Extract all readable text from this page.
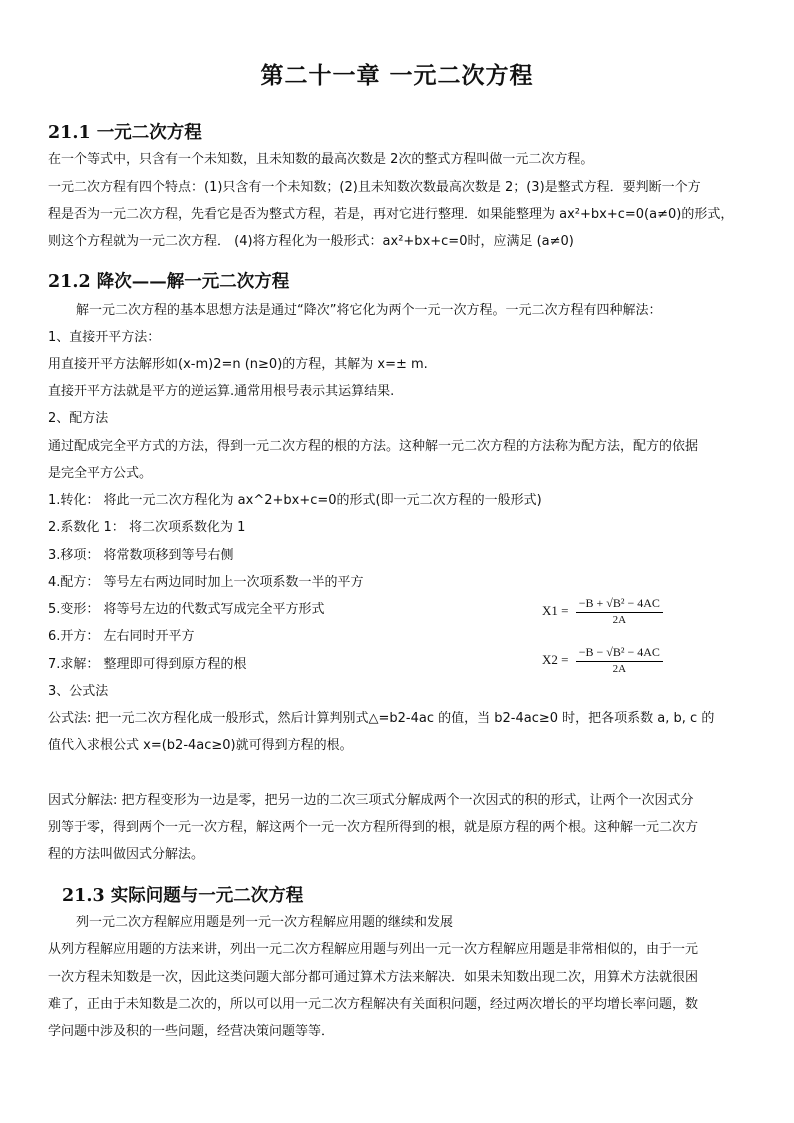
第二十一章 一元二次方程
21.1 一元二次方程
在一个等式中，只含有一个未知数，且未知数的最高次数是 2次的整式方程叫做一元二次方程。
一元二次方程有四个特点：(1)只含有一个未知数；(2)且未知数次数最高次数是 2；(3)是整式方程．要判断一个方
程是否为一元二次方程，先看它是否为整式方程，若是，再对它进行整理．如果能整理为 ax²+bx+c=0(a≠0)的形式，
则这个方程就为一元二次方程． (4)将方程化为一般形式：ax²+bx+c=0时，应满足 (a≠0)
21.2 降次——解一元二次方程
解一元二次方程的基本思想方法是通过“降次”将它化为两个一元一次方程。一元二次方程有四种解法：
1、直接开平方法：
用直接开平方法解形如(x-m)2=n (n≥0)的方程，其解为 x=± m.
直接开平方法就是平方的逆运算.通常用根号表示其运算结果.
2、配方法
通过配成完全平方式的方法，得到一元二次方程的根的方法。这种解一元二次方程的方法称为配方法，配方的依据
是完全平方公式。
1.转化： 将此一元二次方程化为 ax^2+bx+c=0的形式(即一元二次方程的一般形式)
2.系数化 1： 将二次项系数化为 1
3.移项： 将常数项移到等号右侧
4.配方： 等号左右两边同时加上一次项系数一半的平方
5.变形： 将等号左边的代数式写成完全平方形式
6.开方： 左右同时开平方
7.求解： 整理即可得到原方程的根
3、公式法
公式法: 把一元二次方程化成一般形式，然后计算判别式△=b2-4ac 的值，当 b2-4ac≥0 时，把各项系数 a, b, c 的
值代入求根公式 x=(b2-4ac≥0)就可得到方程的根。
因式分解法: 把方程变形为一边是零，把另一边的二次三项式分解成两个一次因式的积的形式，让两个一次因式分
别等于零，得到两个一元一次方程，解这两个一元一次方程所得到的根，就是原方程的两个根。这种解一元二次方
程的方法叫做因式分解法。
$X1 = \frac{\text{−B + √B² − 4AC}}{2A}$
$X2 = \frac{\text{−B − √B² − 4AC}}{2A}$
21.3 实际问题与一元二次方程
列一元二次方程解应用题是列一元一次方程解应用题的继续和发展
从列方程解应用题的方法来讲，列出一元二次方程解应用题与列出一元一次方程解应用题是非常相似的，由于一元
一次方程未知数是一次，因此这类问题大部分都可通过算术方法来解决．如果未知数出现二次，用算术方法就很困
难了，正由于未知数是二次的，所以可以用一元二次方程解决有关面积问题，经过两次增长的平均增长率问题，数
学问题中涉及积的一些问题，经营决策问题等等．
